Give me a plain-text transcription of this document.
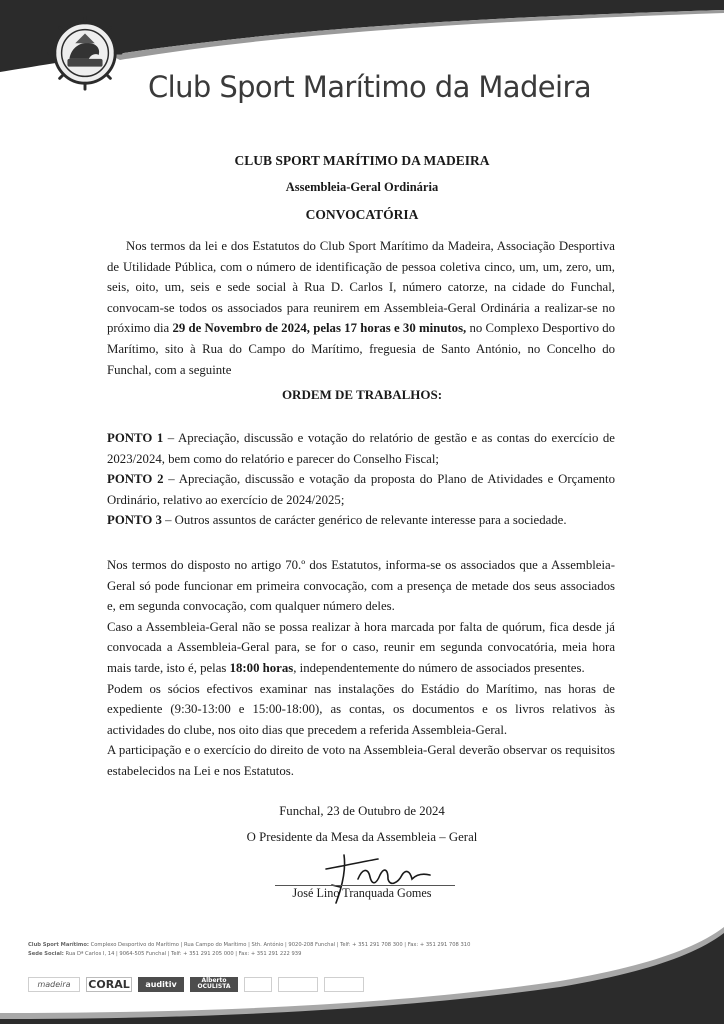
Club Sport Marítimo da Madeira
CLUB SPORT MARÍTIMO DA MADEIRA
Assembleia-Geral Ordinária
CONVOCATÓRIA
Nos termos da lei e dos Estatutos do Club Sport Marítimo da Madeira, Associação Desportiva de Utilidade Pública, com o número de identificação de pessoa coletiva cinco, um, um, zero, um, seis, oito, um, seis e sede social à Rua D. Carlos I, número catorze, na cidade do Funchal, convocam-se todos os associados para reunirem em Assembleia-Geral Ordinária a realizar-se no próximo dia 29 de Novembro de 2024, pelas 17 horas e 30 minutos, no Complexo Desportivo do Marítimo, sito à Rua do Campo do Marítimo, freguesia de Santo António, no Concelho do Funchal, com a seguinte
ORDEM DE TRABALHOS:
PONTO 1 – Apreciação, discussão e votação do relatório de gestão e as contas do exercício de 2023/2024, bem como do relatório e parecer do Conselho Fiscal;
PONTO 2 – Apreciação, discussão e votação da proposta do Plano de Atividades e Orçamento Ordinário, relativo ao exercício de 2024/2025;
PONTO 3 – Outros assuntos de carácter genérico de relevante interesse para a sociedade.
Nos termos do disposto no artigo 70.º dos Estatutos, informa-se os associados que a Assembleia-Geral só pode funcionar em primeira convocação, com a presença de metade dos seus associados e, em segunda convocação, com qualquer número deles.
Caso a Assembleia-Geral não se possa realizar à hora marcada por falta de quórum, fica desde já convocada a Assembleia-Geral para, se for o caso, reunir em segunda convocatória, meia hora mais tarde, isto é, pelas 18:00 horas, independentemente do número de associados presentes.
Podem os sócios efectivos examinar nas instalações do Estádio do Marítimo, nas horas de expediente (9:30-13:00 e 15:00-18:00), as contas, os documentos e os livros relativos às actividades do clube, nos oito dias que precedem a referida Assembleia-Geral.
A participação e o exercício do direito de voto na Assembleia-Geral deverão observar os requisitos estabelecidos na Lei e nos Estatutos.
Funchal, 23 de Outubro de 2024
O Presidente da Mesa da Assembleia – Geral
José Lino Tranquada Gomes
Club Sport Marítimo: Complexo Desportivo do Marítimo | Rua Campo do Marítimo | Sth. António | 9020-208 Funchal | Telf: + 351 291 708 300 | Fax: + 351 291 708 310
Sede Social: Rua Dª Carlos I, 14 | 9064-505 Funchal | Telf: + 351 291 205 000 | Fax: + 351 291 222 939
madeira	CORAL	auditiv	Alberto
OCULISTA
